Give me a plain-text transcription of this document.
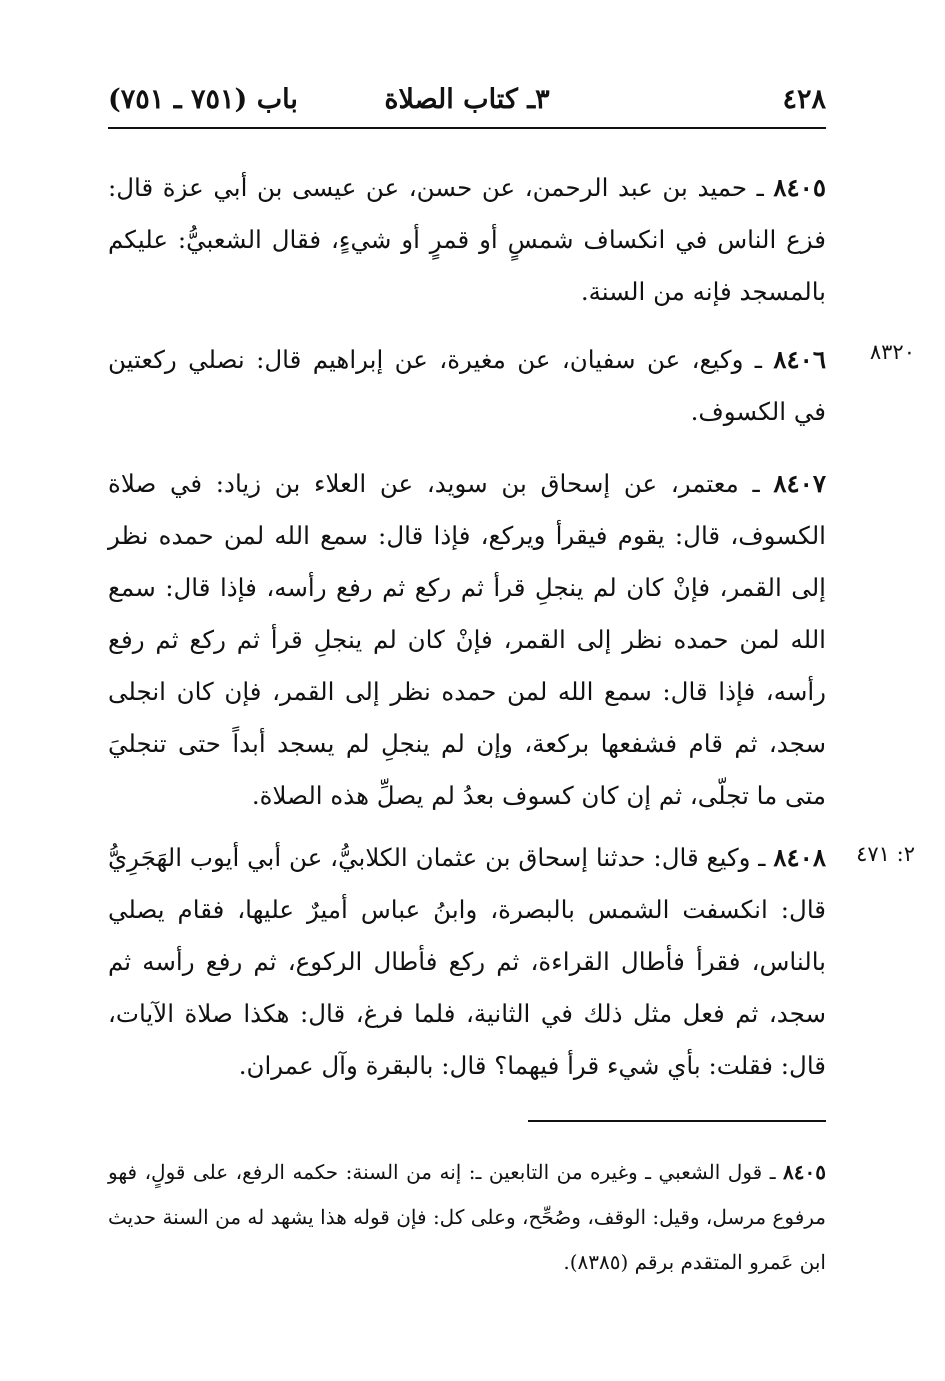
٤٢٨
٣ـ كتاب الصلاة
باب (٧٥١ ـ ٧٥١)
٨٤٠٥ ـ حميد بن عبد الرحمن، عن حسن، عن عيسى بن أبي عزة قال: فزع الناس في انكساف شمسٍ أو قمرٍ أو شيءٍ، فقال الشعبيُّ: عليكم بالمسجد فإنه من السنة.
٨٣٢٠
٨٤٠٦ ـ وكيع، عن سفيان، عن مغيرة، عن إبراهيم قال: نصلي ركعتين في الكسوف.
٨٤٠٧ ـ معتمر، عن إسحاق بن سويد، عن العلاء بن زياد: في صلاة الكسوف، قال: يقوم فيقرأ ويركع، فإذا قال: سمع الله لمن حمده نظر إلى القمر، فإنْ كان لم ينجلِ قرأ ثم ركع ثم رفع رأسه، فإذا قال: سمع الله لمن حمده نظر إلى القمر، فإنْ كان لم ينجلِ قرأ ثم ركع ثم رفع رأسه، فإذا قال: سمع الله لمن حمده نظر إلى القمر، فإن كان انجلى سجد، ثم قام فشفعها بركعة، وإن لم ينجلِ لم يسجد أبداً حتى تنجليَ متى ما تجلّى، ثم إن كان كسوف بعدُ لم يصلِّ هذه الصلاة.
٢: ٤٧١
٨٤٠٨ ـ وكيع قال: حدثنا إسحاق بن عثمان الكلابيُّ، عن أبي أيوب الهَجَرِيُّ قال: انكسفت الشمس بالبصرة، وابنُ عباس أميرٌ عليها، فقام يصلي بالناس، فقرأ فأطال القراءة، ثم ركع فأطال الركوع، ثم رفع رأسه ثم سجد، ثم فعل مثل ذلك في الثانية، فلما فرغ، قال: هكذا صلاة الآيات، قال: فقلت: بأي شيء قرأ فيهما؟ قال: بالبقرة وآل عمران.
٨٤٠٥ ـ قول الشعبي ـ وغيره من التابعين ـ: إنه من السنة: حكمه الرفع، على قولٍ، فهو مرفوع مرسل، وقيل: الوقف، وصُحِّح، وعلى كل: فإن قوله هذا يشهد له من السنة حديث ابن عَمرو المتقدم برقم (٨٣٨٥).
